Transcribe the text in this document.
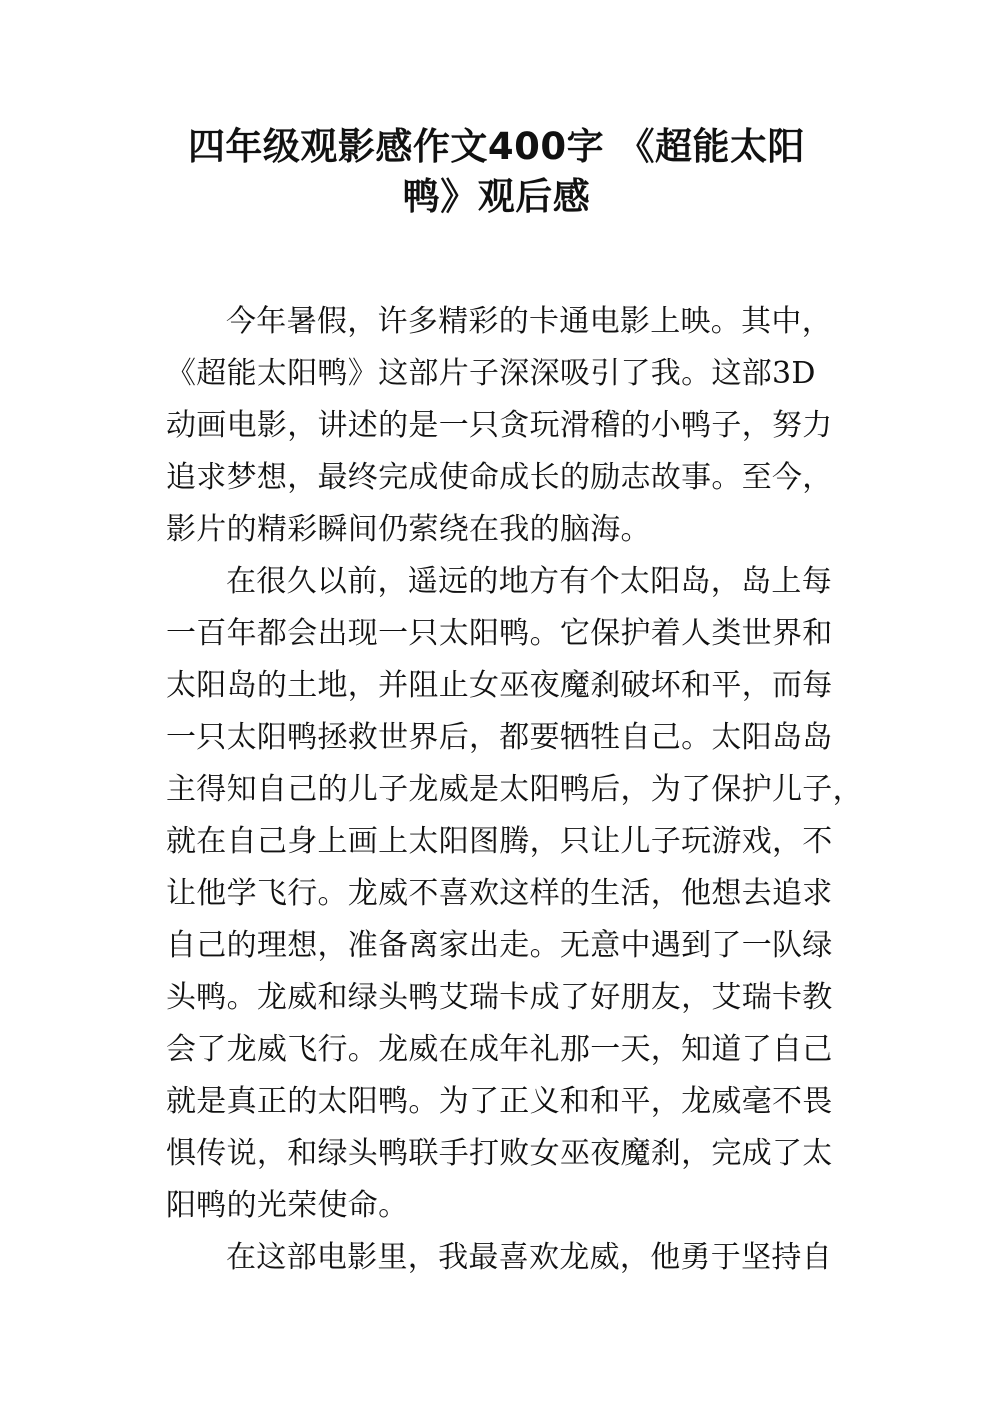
四年级观影感作文400字 《超能太阳
鸭》观后感
今年暑假，许多精彩的卡通电影上映。其中，
《超能太阳鸭》这部片子深深吸引了我。这部3D
动画电影，讲述的是一只贪玩滑稽的小鸭子，努力
追求梦想，最终完成使命成长的励志故事。至今，
影片的精彩瞬间仍萦绕在我的脑海。
在很久以前，遥远的地方有个太阳岛，岛上每
一百年都会出现一只太阳鸭。它保护着人类世界和
太阳岛的土地，并阻止女巫夜魔刹破坏和平，而每
一只太阳鸭拯救世界后，都要牺牲自己。太阳岛岛
主得知自己的儿子龙威是太阳鸭后，为了保护儿子，
就在自己身上画上太阳图腾，只让儿子玩游戏，不
让他学飞行。龙威不喜欢这样的生活，他想去追求
自己的理想，准备离家出走。无意中遇到了一队绿
头鸭。龙威和绿头鸭艾瑞卡成了好朋友，艾瑞卡教
会了龙威飞行。龙威在成年礼那一天，知道了自己
就是真正的太阳鸭。为了正义和和平，龙威毫不畏
惧传说，和绿头鸭联手打败女巫夜魔刹，完成了太
阳鸭的光荣使命。
在这部电影里，我最喜欢龙威，他勇于坚持自
